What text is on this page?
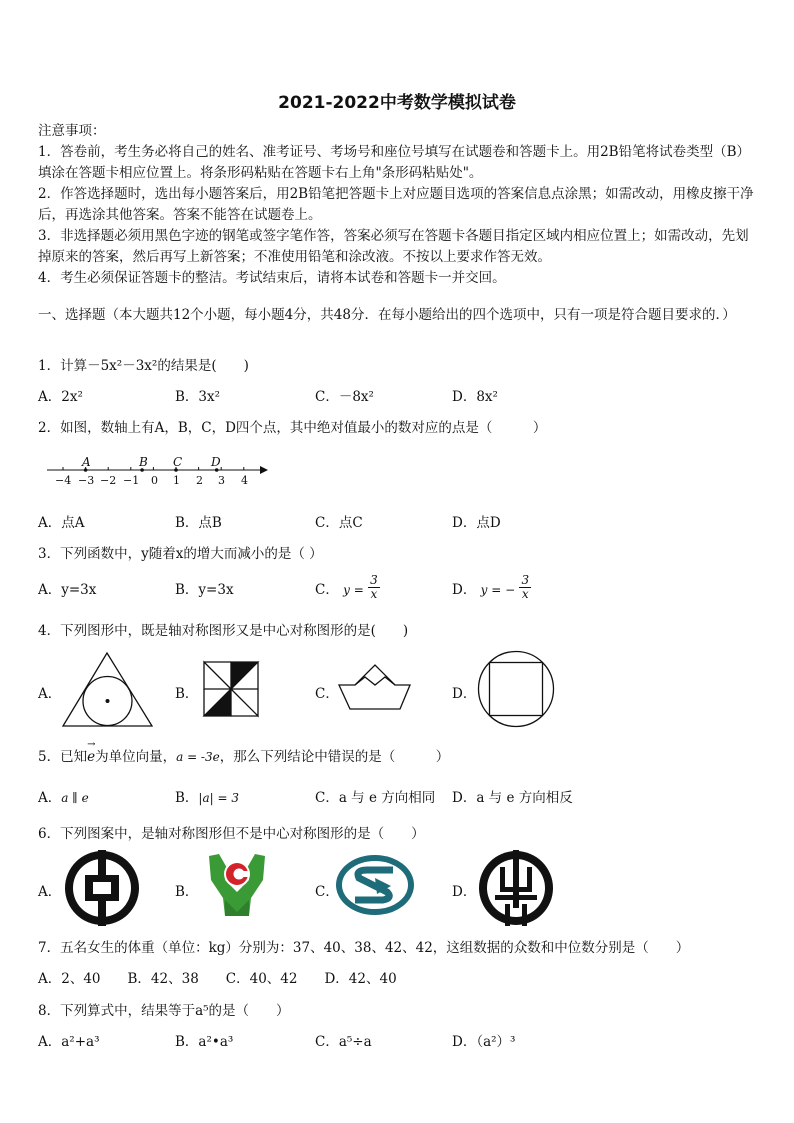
2021-2022中考数学模拟试卷

注意事项：

1．答卷前，考生务必将自己的姓名、准考证号、考场号和座位号填写在试题卷和答题卡上。用2B铅笔将试卷类型（B）填涂在答题卡相应位置上。将条形码粘贴在答题卡右上角"条形码粘贴处"。

2．作答选择题时，选出每小题答案后，用2B铅笔把答题卡上对应题目选项的答案信息点涂黑；如需改动，用橡皮擦干净后，再选涂其他答案。答案不能答在试题卷上。

3．非选择题必须用黑色字迹的钢笔或签字笔作答，答案必须写在答题卡各题目指定区域内相应位置上；如需改动，先划掉原来的答案，然后再写上新答案；不准使用铅笔和涂改液。不按以上要求作答无效。

4．考生必须保证答题卡的整洁。考试结束后，请将本试卷和答题卡一并交回。

一、选择题（本大题共12个小题，每小题4分，共48分．在每小题给出的四个选项中，只有一项是符合题目要求的．）
1．计算－5x²－3x²的结果是(　　)
A．2x²	B．3x²	C．－8x²	D．8x²
2．如图，数轴上有A，B，C，D四个点，其中绝对值最小的数对应的点是（　　　）
A	B C D
−4 −3 −2 −1 0 1 2 3 4
A．点A	B．点B	C．点C	D．点D
3．下列函数中，y随着x的增大而减小的是（ ）
A．y=3x	B．y=3x	C． $y = \frac{3}{x}$	D． y = − $\frac{3}{x}$
4．下列图形中，既是轴对称图形又是中心对称图形的是(　　)
A．	B．	C．	D．
5．已知
→
e为单位向量，a = -3e，那么下列结论中错误的是（　　　）
A．a ∥ e	B．|a| = 3	C．a 与 e 方向相同 D．a 与 e 方向相反
6．下列图案中，是轴对称图形但不是中心对称图形的是（　　）
A．	B．	C．	D．
7．五名女生的体重（单位：kg）分别为：37、40、38、42、42，这组数据的众数和中位数分别是（　　）
A．2、40　　B．42、38　　C．40、42　　D．42、40
8．下列算式中，结果等于a⁵的是（　　）
A．a²+a³	B．a²•a³	C．a⁵÷a	D．（a²）³
